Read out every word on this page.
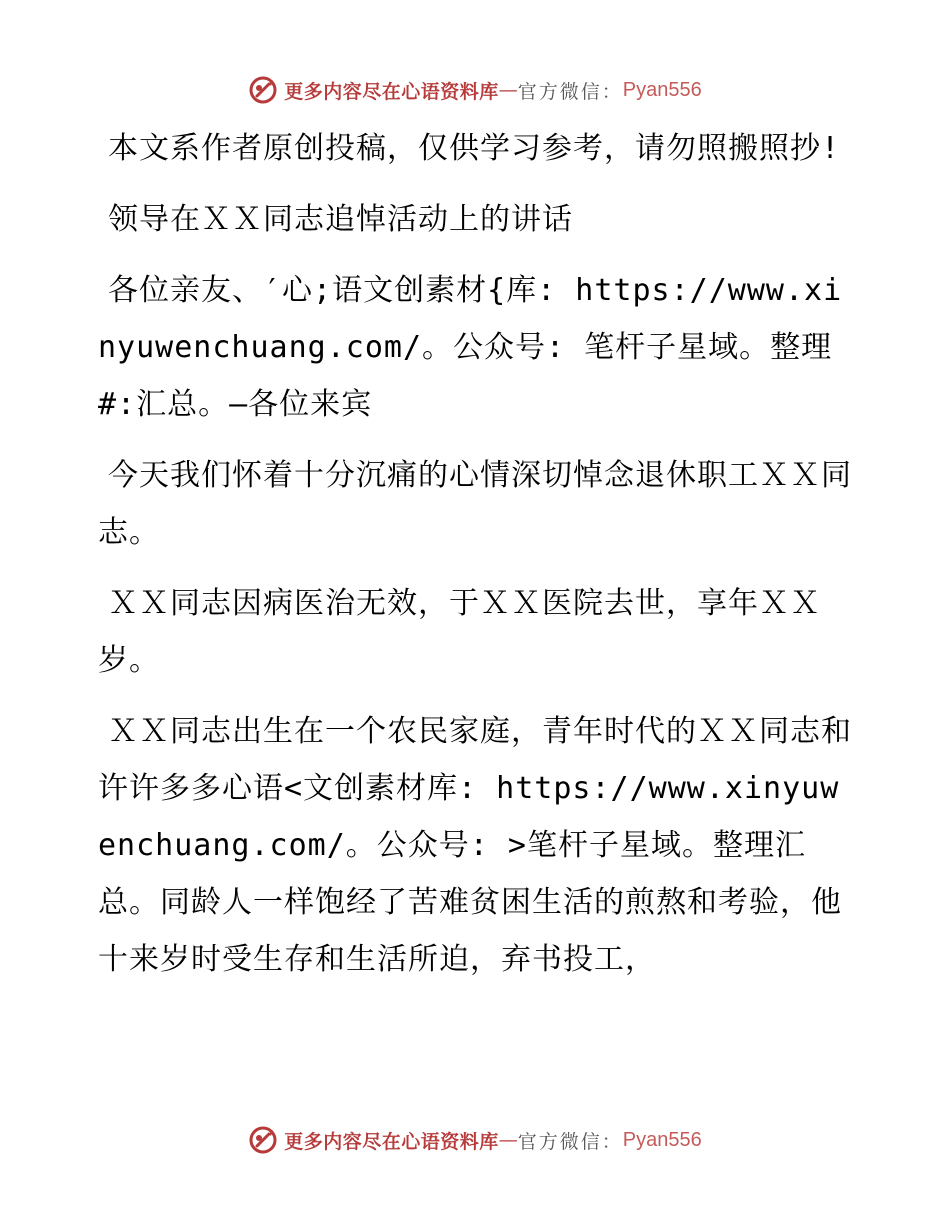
更多内容尽在心语资料库 — 官方微信 ： Pyan556

本文系作者原创投稿，仅供学习参考，请勿照搬照抄!

领导在ＸＸ同志追悼活动上的讲话

各位亲友、′心;语文创素材{库: https://www.xinyuwenchuang.com/。公众号: 笔杆子星域。整理#:汇总。—各位来宾

今天我们怀着十分沉痛的心情深切悼念退休职工ＸＸ同志。

ＸＸ同志因病医治无效，于ＸＸ医院去世，享年ＸＸ岁。

ＸＸ同志出生在一个农民家庭，青年时代的ＸＸ同志和许许多多心语<文创素材库: https://www.xinyuwenchuang.com/。公众号: >笔杆子星域。整理汇总。同龄人一样饱经了苦难贫困生活的煎熬和考验，他十来岁时受生存和生活所迫，弃书投工，

更多内容尽在心语资料库 — 官方微信 ： Pyan556
